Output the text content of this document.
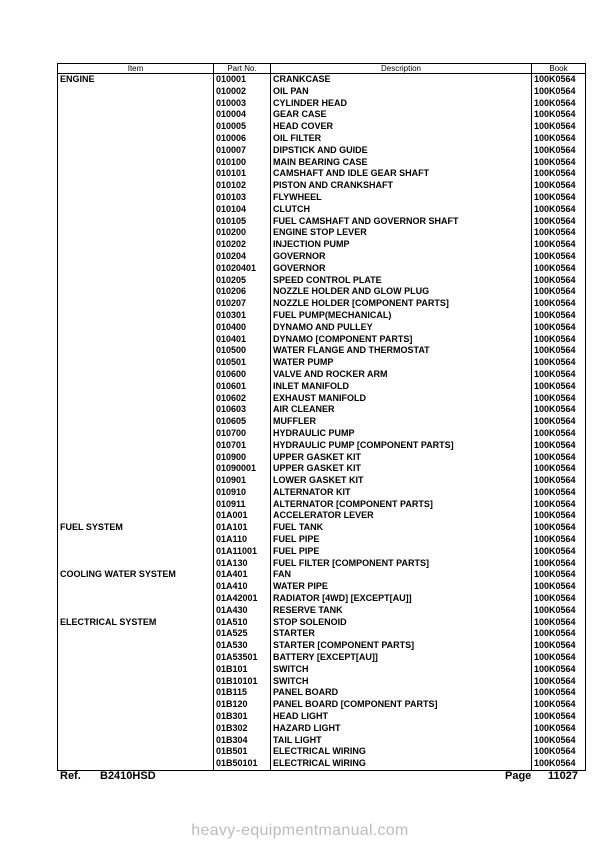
Item	Part No.	Description	Book
ENGINE	010001	CRANKCASE	100K0564
	010002	OIL PAN	100K0564
	010003	CYLINDER HEAD	100K0564
	010004	GEAR CASE	100K0564
	010005	HEAD COVER	100K0564
	010006	OIL FILTER	100K0564
	010007	DIPSTICK AND GUIDE	100K0564
	010100	MAIN BEARING CASE	100K0564
	010101	CAMSHAFT AND IDLE GEAR SHAFT	100K0564
	010102	PISTON AND CRANKSHAFT	100K0564
	010103	FLYWHEEL	100K0564
	010104	CLUTCH	100K0564
	010105	FUEL CAMSHAFT AND GOVERNOR SHAFT	100K0564
	010200	ENGINE STOP LEVER	100K0564
	010202	INJECTION PUMP	100K0564
	010204	GOVERNOR	100K0564
	01020401	GOVERNOR	100K0564
	010205	SPEED CONTROL PLATE	100K0564
	010206	NOZZLE HOLDER AND GLOW PLUG	100K0564
	010207	NOZZLE HOLDER [COMPONENT PARTS]	100K0564
	010301	FUEL PUMP(MECHANICAL)	100K0564
	010400	DYNAMO AND PULLEY	100K0564
	010401	DYNAMO [COMPONENT PARTS]	100K0564
	010500	WATER FLANGE AND THERMOSTAT	100K0564
	010501	WATER PUMP	100K0564
	010600	VALVE AND ROCKER ARM	100K0564
	010601	INLET MANIFOLD	100K0564
	010602	EXHAUST MANIFOLD	100K0564
	010603	AIR CLEANER	100K0564
	010605	MUFFLER	100K0564
	010700	HYDRAULIC PUMP	100K0564
	010701	HYDRAULIC PUMP [COMPONENT PARTS]	100K0564
	010900	UPPER GASKET KIT	100K0564
	01090001	UPPER GASKET KIT	100K0564
	010901	LOWER GASKET KIT	100K0564
	010910	ALTERNATOR KIT	100K0564
	010911	ALTERNATOR [COMPONENT PARTS]	100K0564
	01A001	ACCELERATOR LEVER	100K0564
FUEL SYSTEM	01A101	FUEL TANK	100K0564
	01A110	FUEL PIPE	100K0564
	01A11001	FUEL PIPE	100K0564
	01A130	FUEL FILTER [COMPONENT PARTS]	100K0564
COOLING WATER SYSTEM	01A401	FAN	100K0564
	01A410	WATER PIPE	100K0564
	01A42001	RADIATOR [4WD] [EXCEPT[AU]]	100K0564
	01A430	RESERVE TANK	100K0564
ELECTRICAL SYSTEM	01A510	STOP SOLENOID	100K0564
	01A525	STARTER	100K0564
	01A530	STARTER [COMPONENT PARTS]	100K0564
	01A53501	BATTERY [EXCEPT[AU]]	100K0564
	01B101	SWITCH	100K0564
	01B10101	SWITCH	100K0564
	01B115	PANEL BOARD	100K0564
	01B120	PANEL BOARD [COMPONENT PARTS]	100K0564
	01B301	HEAD LIGHT	100K0564
	01B302	HAZARD LIGHT	100K0564
	01B304	TAIL LIGHT	100K0564
	01B501	ELECTRICAL WIRING	100K0564
	01B50101	ELECTRICAL WIRING	100K0564
Ref. B2410HSD	Page 11027
heavy-equipmentmanual.com
